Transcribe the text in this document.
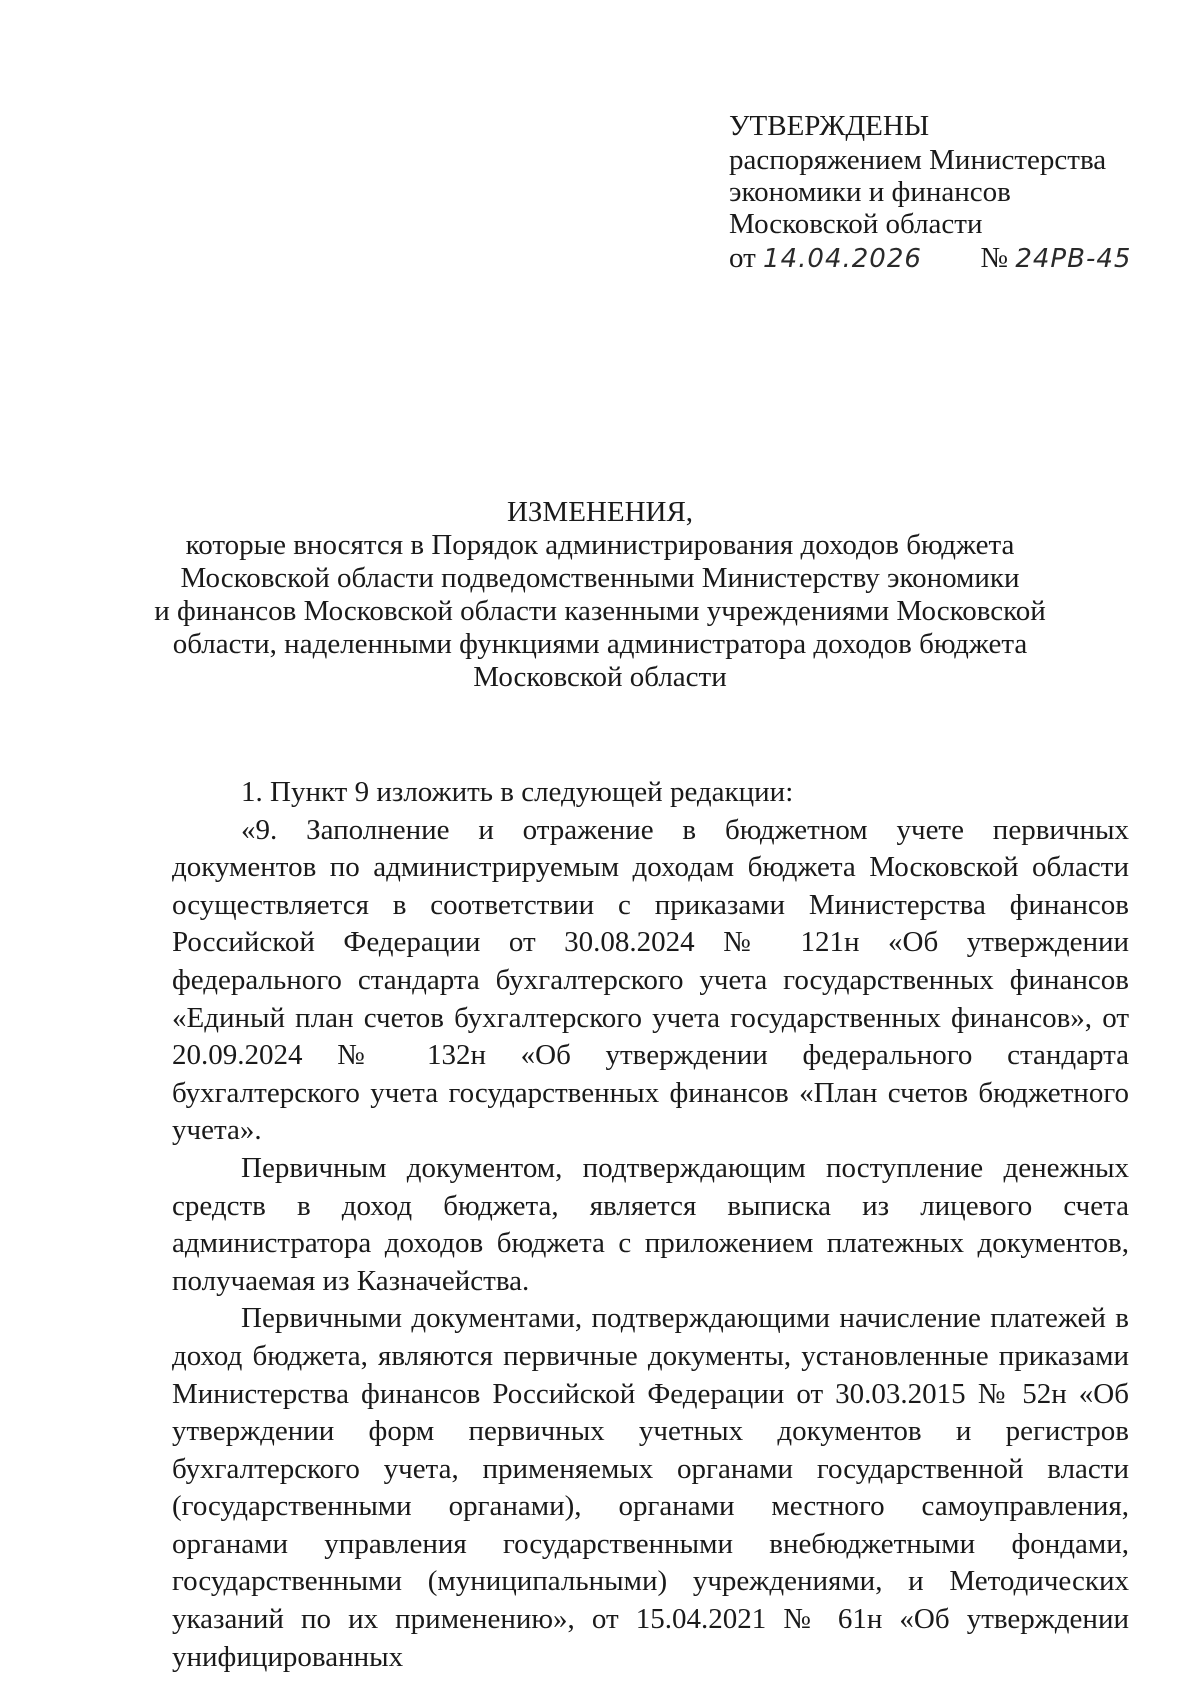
УТВЕРЖДЕНЫ
распоряжением Министерства
экономики и финансов
Московской области
от 14.04.2026 № 24РВ-45
ИЗМЕНЕНИЯ,
которые вносятся в Порядок администрирования доходов бюджета
Московской области подведомственными Министерству экономики
и финансов Московской области казенными учреждениями Московской
области, наделенными функциями администратора доходов бюджета
Московской области

1. Пункт 9 изложить в следующей редакции:

«9. Заполнение и отражение в бюджетном учете первичных документов по администрируемым доходам бюджета Московской области осуществляется в соответствии с приказами Министерства финансов Российской Федерации от 30.08.2024 № 121н «Об утверждении федерального стандарта бухгалтерского учета государственных финансов «Единый план счетов бухгалтерского учета государственных финансов», от 20.09.2024 № 132н «Об утверждении федерального стандарта бухгалтерского учета государственных финансов «План счетов бюджетного учета».

Первичным документом, подтверждающим поступление денежных средств в доход бюджета, является выписка из лицевого счета администратора доходов бюджета с приложением платежных документов, получаемая из Казначейства.

Первичными документами, подтверждающими начисление платежей в доход бюджета, являются первичные документы, установленные приказами Министерства финансов Российской Федерации от 30.03.2015 № 52н «Об утверждении форм первичных учетных документов и регистров бухгалтерского учета, применяемых органами государственной власти (государственными органами), органами местного самоуправления, органами управления государственными внебюджетными фондами, государственными (муниципальными) учреждениями, и Методических указаний по их применению», от 15.04.2021 № 61н «Об утверждении унифицированных
